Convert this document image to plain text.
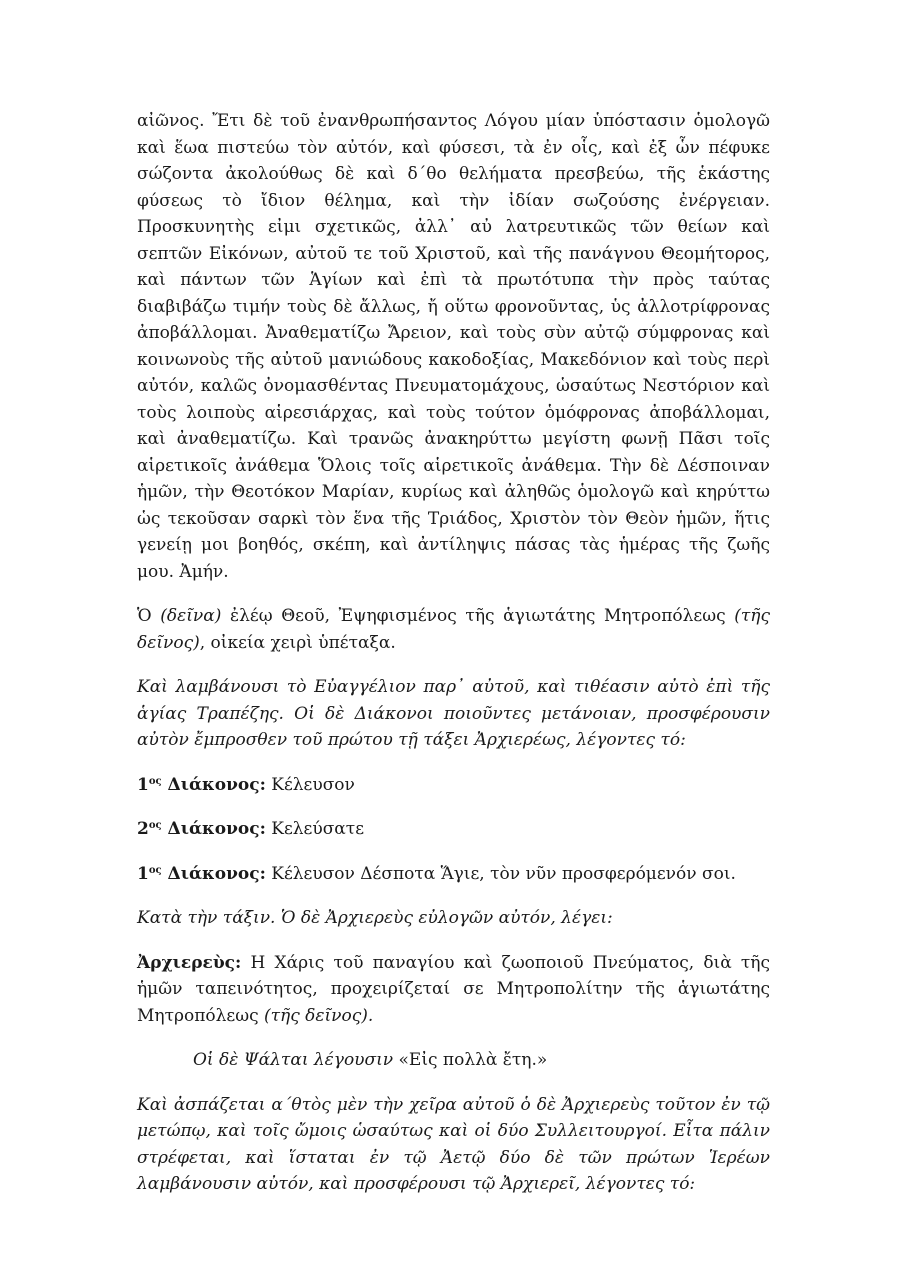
αἰῶνος. Ἔτι δὲ τοῦ ἐνανθρωπήσαντος Λόγου μίαν ὑπόστασιν ὁμολογῶ καὶ ἕωα πιστεύω τὸν αὐτόν, καὶ φύσεσι, τὰ ἐν οἷς, καὶ ἐξ ὧν πέφυκε σώζοντα ἀκολούθως δὲ καὶ δ΄θο θελήματα πρεσβεύω, τῆς ἑκάστης φύσεως τὸ ἴδιον θέλημα, καὶ τὴν ἰδίαν σωζούσης ἐνέργειαν. Προσκυνητὴς εἰμι σχετικῶς, ἀλλ᾽ αὐ λατρευτικῶς τῶν θείων καὶ σεπτῶν Εἰκόνων, αὐτοῦ τε τοῦ Χριστοῦ, καὶ τῆς πανάγνου Θεομήτορος, καὶ πάντων τῶν Ἁγίων καὶ ἐπὶ τὰ πρωτότυπα τὴν πρὸς ταύτας διαβιβάζω τιμήν τοὺς δὲ ἄλλως, ἤ οὕτω φρονοῦντας, ὑς ἀλλοτρίφρονας ἀποβάλλομαι. Ἀναθεματίζω Ἄρειον, καὶ τοὺς σὺν αὐτῷ σύμφρονας καὶ κοινωνοὺς τῆς αὐτοῦ μανιώδους κακοδοξίας, Μακεδόνιον καὶ τοὺς περὶ αὐτόν, καλῶς ὀνομασθέντας Πνευματομάχους, ὡσαύτως Νεστόριον καὶ τοὺς λοιποὺς αἱρεσιάρχας, καὶ τοὺς τούτον ὁμόφρονας ἀποβάλλομαι, καὶ ἀναθεματίζω. Καὶ τρανῶς ἀνακηρύττω μεγίστη φωνῇ Πᾶσι τοῖς αἱρετικοῖς ἀνάθεμα Ὅλοις τοῖς αἱρετικοῖς ἀνάθεμα. Τὴν δὲ Δέσποιναν ἡμῶν, τὴν Θεοτόκον Μαρίαν, κυρίως καὶ ἀληθῶς ὁμολογῶ καὶ κηρύττω ὡς τεκοῦσαν σαρκὶ τὸν ἕνα τῆς Τριάδος, Χριστὸν τὸν Θεὸν ἡμῶν, ἥτις γενείῃ μοι βοηθός, σκέπη, καὶ ἀντίληψις πάσας τὰς ἡμέρας τῆς ζωῆς μου. Ἀμήν.

Ὁ (δεῖνα) ἐλέῳ Θεοῦ, Ἐψηφισμένος τῆς ἁγιωτάτης Μητροπόλεως (τῆς δεῖνος), οἰκεία χειρὶ ὑπέταξα.

Καὶ λαμβάνουσι τὸ Εὐαγγέλιον παρ᾽ αὐτοῦ, καὶ τιθέασιν αὐτὸ ἐπὶ τῆς ἁγίας Τραπέζης. Οἱ δὲ Διάκονοι ποιοῦντες μετάνοιαν, προσφέρουσιν αὐτὸν ἔμπροσθεν τοῦ πρώτου τῇ τάξει Ἀρχιερέως, λέγοντες τό:

$1^{o\varsigma}$ Διάκονος: Κέλευσον

$2^{o\varsigma}$ Διάκονος: Κελεύσατε

$1^{o\varsigma}$ Διάκονος: Κέλευσον Δέσποτα Ἅγιε, τὸν νῦν προσφερόμενόν σοι.

Κατὰ τὴν τάξιν. Ὁ δὲ Ἀρχιερεὺς εὐλογῶν αὐτόν, λέγει:

Ἀρχιερεὺς: Η Χάρις τοῦ παναγίου καὶ ζωοποιοῦ Πνεύματος, διὰ τῆς ἡμῶν ταπεινότητος, προχειρίζεταί σε Μητροπολίτην τῆς ἁγιωτάτης Μητροπόλεως (τῆς δεῖνος).

Οἱ δὲ Ψάλται λέγουσιν «Εἰς πολλὰ ἔτη.»

Καὶ ἀσπάζεται α΄θτὸς μὲν τὴν χεῖρα αὐτοῦ ὁ δὲ Ἀρχιερεὺς τοῦτον ἐν τῷ μετώπῳ, καὶ τοῖς ὤμοις ὡσαύτως καὶ οἱ δύο Συλλειτουργοί. Εἶτα πάλιν στρέφεται, καὶ ἵσταται ἐν τῷ Ἀετῷ δύο δὲ τῶν πρώτων Ἱερέων λαμβάνουσιν αὐτόν, καὶ προσφέρουσι τῷ Ἀρχιερεῖ, λέγοντες τό:
